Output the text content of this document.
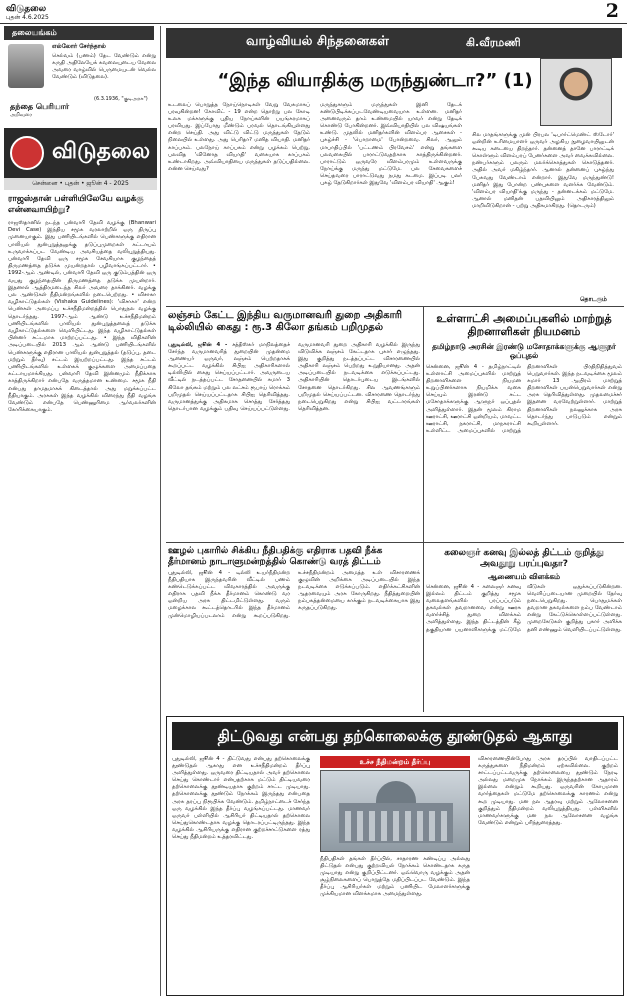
விடுதலை
புதன் 4.6.2025	2
தலையங்கம்
எல்லோர் சேர்ந்தால்
செல்வம் (பணம்) தேட வேண்டும் என்று கருதி அதிலேயேக் கவலையுடைய வேலை அவரை வாழ்வில் பெருமையுடன் வெல்ல வேண்டும் (விடுதலை).
(6.3.1936, "குடிஅரசு")
தந்தை பெரியார்
அறிவுரை
விடுதலை
சென்னை • புதன் • ஜூன் 4 - 2025
ராஜஸ்தான் பள்ளியிலேயே வழக்கு என்னவாயிற்று?
ராஜஸ்தானில் நடந்த பன்வாரி தேவி வழக்கு (Bhanwari Devi Case) இந்திய சமூக வரலாற்றில் ஒரு திருப்பு முனையாகும். இது பணியிடங்களில் பெண்களுக்கு எதிரான பாலியல் துன்புறுத்தலுக்கு தடுப்புமுறைகள் கட்டாயம் உருவாக்கப்பட வேண்டிய அவசியத்தை வலியுறுத்தியது. பன்வாரி தேவி ஒரு சமூக சேவகியாக குழந்தைத் திருமணத்தை தடுக்க முயன்றதால் பழிவாங்கப்பட்டார். • 1992-ஆம் ஆண்டில், பன்வாரி தேவி ஒரு குடும்பத்தின் ஒரு வயது குழந்தையின் திருமணத்தை தடுக்க முயன்றார். இதனால் ஆத்திரமடைந்த சிலர் அவரை தாக்கினர். வழக்கு பல ஆண்டுகள் நீதிமன்றங்களில் நடைபெற்றது. • விசாகா வழிகாட்டுதல்கள் (Vishaka Guidelines): 'விசாகா' என்ற பெண்கள் அமைப்பு உச்சநீதிமன்றத்தில் பொதுநல வழக்கு தொடர்ந்தது. 1997-ஆம் ஆண்டு உச்சநீதிமன்றம் பணியிடங்களில் பாலியல் துன்புறுத்தலைத் தடுக்க வழிகாட்டுதல்களை வெளியிட்டது. இந்த வழிகாட்டுதல்கள் பின்னர் சட்டமாக மாற்றப்பட்டது. • இந்த விதிகளின் அடிப்படையில் 2013 ஆம் ஆண்டு பணியிடங்களில் பெண்களுக்கு எதிரான பாலியல் துன்புறுத்தல் (தடுப்பு, தடை மற்றும் தீர்வு) சட்டம் இயற்றப்பட்டது. இந்த சட்டம் பணியிடங்களில் உள்ளகக் குழுக்களை அமைப்பதை கட்டாயமாக்கியது. பன்வாரி தேவி இன்னமும் நீதிக்காக காத்திருக்கிறார் என்பதே வருத்தமான உண்மை. சமூக நீதி என்பது தாமதமாகக் கிடைத்தால் அது மறுக்கப்பட்ட நீதியாகும். அரசுகள் இந்த வழக்கில் விரைந்து நீதி வழங்க வேண்டும் என்பதே பெண்ணுரிமை ஆர்வலர்களின் கோரிக்கையாகும்.
வாழ்வியல் சிந்தனைகள்	கி.வீரமணி
“இந்த வியாதிக்கு மருந்துண்டா?” (1)
உடலைப் பொறுத்த நோய்நொடிகள் வேறு வேகமாகப் பரவுகின்றன! கோவிட் - 19 என்ற தொற்று பல கோடி உலக மக்களுக்கு புதிய நோய்களின் பயங்கரமாகப் பரவியது. இப்போது மீண்டும் பரவல் தொடங்கியுள்ளது என்ற செய்தி. அது விட்டு விட்டு மருந்துகள் தேடும் நிலையில் உள்ளது. அது பெரிதா? மனித வியாதி. மனிதர் காப்பகம். பலநோய் காப்பகம் என்று பழக்கம் பெற்று, பலவித 'வினோத வியாதி' வகையாக காப்பகம் உண்டாகிறது. அவ்வியாதியை மருந்துகள் தடுப்பதில்லை. என்ன செய்வது?
மருந்துகளும் மருந்துகள் இனி தேடக் கண்டுபிடிக்கப்படவேண்டியவையாக உள்ளன. மனிதர் அனைவரும் தாம் உண்மையில் யாவர் என்று தேடிக் கொண்டு போகின்றனர். இவ்வியாதியில் பல விஷயங்கள் உண்டு. முதலில் மனிதர்களின் விளம்பர ஆசைகள் - புகழ்ச்சி - 'பொறாமை' போன்றவை. சிலர், ஆலும் மாபாதிப்பில் 'பட்டணம் பிரவேசம்' என்று தங்களை பலவகையில் பாராட்டுவதற்காக காத்திருக்கின்றனர். பாராட்டும் ஒருவரே விளம்பரமும் உள்ளவருக்கு நோய்க்கு மருந்து மட்டுமே. பல சேவைகளைச் செய்தவரை பாராட்டுவது நமது கடமை. இப்படி பலர் புகழ் தேடுகிறார்கள் இதுவே 'விளம்பர வியாதி' ஆகும்!
சில மாதங்களுக்கு முன் பிரபல 'டிபார்ட்மெண்ட் ஸ்டோர்' ஒன்றின் உரிமையாளர் ஒருவர் அழகிய நுழைவாயிலுடன் கூடிய கடையை திறந்தார். தன்னைத் தானே பாராட்டிக் கொள்ளும் விளம்பரப் பேனர்களை அவர் வைக்கவில்லை. நண்பர்களும் பலரும் மலர்க்கொத்துகள் கொடுத்தனர். அதில் அவர் மகிழ்ந்தார். ஆனால் தன்னைப் புகழ்ந்து பேசுவது வேண்டாம் என்றார். இதுவே மருந்துண்டு! மனிதர் இது போன்ற பண்புகளை வளர்க்க வேண்டும். 'விளம்பர வியாதி'க்கு மருந்து - தன்னடக்கம் மட்டுமே. ஆனால் மனிதன் பதவியிலும் அதிகாரத்திலும் மாறிவிடுகிறான் - பற்று அதிகமாகிறது. (தொடரும்)
தொடரும்
லஞ்சம் கேட்ட இந்திய வருமானவரி துறை அதிகாரி டில்லியில் கைது : ரூ.3 கிலோ தங்கம் பறிமுதல்
புதுடில்லி, ஜூன் 4 - சத்தீஸ்கர் மாநிலத்தைச் சேர்ந்த வருமானவரித் துறையின் முதன்மை ஆணையர் ஒருவர், லஞ்சம் பெற்றதாகக் கூறப்பட்ட வழக்கில் சிபிஐ அதிகாரிகளால் டில்லியில் கைது செய்யப்பட்டார். அவருடைய வீட்டில் நடத்தப்பட்ட சோதனையில் சுமார் 3 கிலோ தங்கம் மற்றும் பல லட்சம் ரூபாய் ரொக்கம் பறிமுதல் செய்யப்பட்டதாக சிபிஐ தெரிவித்தது. வருமானத்துக்கு அதிகமாக சொத்து சேர்த்தது தொடர்பான வழக்கும் பதிவு செய்யப்பட்டுள்ளது. வருமானவரி துறை அதிகாரி வழக்கில் இருந்து விடுவிக்க லஞ்சம் கேட்டதாக புகார் எழுந்தது. இது குறித்து நடத்தப்பட்ட விசாரணையில் அதிகாரி லஞ்சம் பெற்றது உறுதியானது. அதன் அடிப்படையில் நடவடிக்கை எடுக்கப்பட்டது. அதிகாரியின் தொடர்புடைய இடங்களில் சோதனை தொடர்கிறது. சில ஆவணங்களும் பறிமுதல் செய்யப்பட்டன. விசாரணை தொடர்ந்து நடைபெறுகிறது என்று சிபிஐ வட்டாரங்கள் தெரிவித்தன.
ஊழல் புகாரில் சிக்கிய நீதிபதிக்கு எதிராக பதவி நீக்க தீர்மானம் நாடாளுமன்றத்தில் கொண்டு வரத் திட்டம்
புதுடில்லி, ஜூன் 4 - டில்லி உயர்நீதிமன்ற நீதிபதியாக இருந்தவரின் வீட்டில் பணம் கண்டெடுக்கப்பட்ட விவகாரத்தில் அவருக்கு எதிராக பதவி நீக்க தீர்மானம் கொண்டு வர ஒன்றிய அரசு திட்டமிட்டுள்ளது. வரும் மழைக்கால கூட்டத்தொடரில் இந்த தீர்மானம் முன்மொழியப்படலாம் என்று கூறப்படுகிறது. உச்சநீதிமன்றம் அமைத்த உள் விசாரணைக் குழுவின் அறிக்கை அடிப்படையில் இந்த நடவடிக்கை எடுக்கப்படும். எதிர்க்கட்சிகளின் ஆதரவையும் அரசு கோருகிறது. நீதித்துறையின் நம்பகத்தன்மையை காக்கும் நடவடிக்கையாக இது கருதப்படுகிறது.
உள்ளாட்சி அமைப்புகளில் மாற்றுத் திறனாளிகள் நியமனம்
தமிழ்நாடு அரசின் இரண்டு மசோதாக்களுக்கு ஆளுநர் ஒப்புதல்
சென்னை, ஜூன் 4 - தமிழ்நாட்டில் உள்ளாட்சி அமைப்புகளில் மாற்றுத் திறனாளிகளை நியமன உறுப்பினர்களாக நியமிக்க வகை செய்யும் இரண்டு சட்ட மசோதாக்களுக்கு ஆளுநர் ஒப்புதல் அளித்துள்ளார். இதன் மூலம் கிராம ஊராட்சி, ஊராட்சி ஒன்றியம், மாவட்ட ஊராட்சி, நகராட்சி, மாநகராட்சி உள்ளிட்ட அமைப்புகளில் மாற்றுத் திறனாளிகள் பிரதிநிதித்துவம் பெறுவார்கள். இந்த நடவடிக்கை மூலம் சுமார் 13 ஆயிரம் மாற்றுத் திறனாளிகள் பயன்பெறுவார்கள் என்று அரசு தெரிவித்துள்ளது. முதலமைச்சர் இதனை வரவேற்றுள்ளார். மாற்றுத் திறனாளிகள் நலனுக்காக அரசு தொடர்ந்து பாடுபடும் என்றும் கூறியுள்ளார்.
கலைஞர் கனவு இல்லத் திட்டம் குறித்து அவதூறு பரப்புவதா?
ஆணையம் விளக்கம்
சென்னை, ஜூன் 4 - கலைஞர் கனவு இல்லம் திட்டம் குறித்து சமூக வலைதளங்களில் பரப்பப்படும் தகவல்கள் தவறானவை என்று ஊரக வளர்ச்சித் துறை விளக்கம் அளித்துள்ளது. இந்த திட்டத்தின் கீழ் தகுதியான பயனாளிகளுக்கு மட்டுமே வீடுகள் ஒதுக்கப்படுகின்றன. வெளிப்படையான முறையில் தேர்வு நடைபெறுகிறது. பொதுமக்கள் தவறான தகவல்களை நம்ப வேண்டாம் என்று கேட்டுக்கொள்ளப்பட்டுள்ளது. முறைகேடுகள் குறித்து புகார் அளிக்க தனி எண்ணும் வெளியிடப்பட்டுள்ளது.
திட்டுவது என்பது தற்கொலைக்கு தூண்டுதல் ஆகாது
புதுடில்லி, ஜூன் 4 - திட்டுவது என்பது தற்கொலைக்கு தூண்டுதல் ஆகாது என உச்சநீதிமன்றம் தீர்ப்பு அளித்துள்ளது. ஒருவரை திட்டியதால் அவர் தற்கொலை செய்து கொண்டார் என்பதற்காக மட்டும் திட்டியவரை தற்கொலைக்கு தூண்டியதாக குற்றம் சாட்ட முடியாது. தற்கொலைக்கு தூண்டும் நோக்கம் இருந்தது என்பதை அரசு தரப்பு நிரூபிக்க வேண்டும். தமிழ்நாட்டைச் சேர்ந்த ஒரு வழக்கில் இந்த தீர்ப்பு வழங்கப்பட்டது. மாணவர் ஒருவர் பள்ளியில் ஆசிரியர் திட்டியதால் தற்கொலை செய்துகொண்டதாக வழக்கு தொடரப்பட்டிருந்தது. இந்த வழக்கில் ஆசிரியருக்கு எதிரான குற்றச்சாட்டுகளை ரத்து செய்து நீதிமன்றம் உத்தரவிட்டது.
உச்ச நீதிமன்றம் தீர்ப்பு
நீதிபதிகள் தங்கள் தீர்ப்பில், சாதாரண கண்டிப்பு அல்லது திட்டுதல் என்பது குற்றவியல் நோக்கம் கொண்டதாக கருத முடியாது என்று குறிப்பிட்டனர். ஒவ்வொரு வழக்கும் அதன் சூழ்நிலைகளைப் பொறுத்தே மதிப்பிடப்பட வேண்டும். இந்த தீர்ப்பு ஆசிரியர்கள் மற்றும் பணியிட மேலாளர்களுக்கு முக்கியமான விளக்கமாக அமைந்துள்ளது.
விசாரணையின்போது அரசு தரப்பில் வாதிடப்பட்ட கருத்துகளை நீதிமன்றம் ஏற்கவில்லை. குற்றம் சாட்டப்பட்டவருக்கு தற்கொலையை தூண்டும் நேரடி அல்லது மறைமுக நோக்கம் இருந்ததற்கான ஆதாரம் இல்லை என்றும் கூறியது. ஒருவரின் கோபமான வார்த்தைகள் மட்டுமே தற்கொலைக்கு காரணம் என்று கூற முடியாது. மன நல ஆதரவு மற்றும் ஆலோசனை குறித்தும் நீதிமன்றம் வலியுறுத்தியது. பள்ளிகளில் மாணவர்களுக்கு மன நல ஆலோசனை வழங்க வேண்டும் என்றும் பரிந்துரைத்தது.
